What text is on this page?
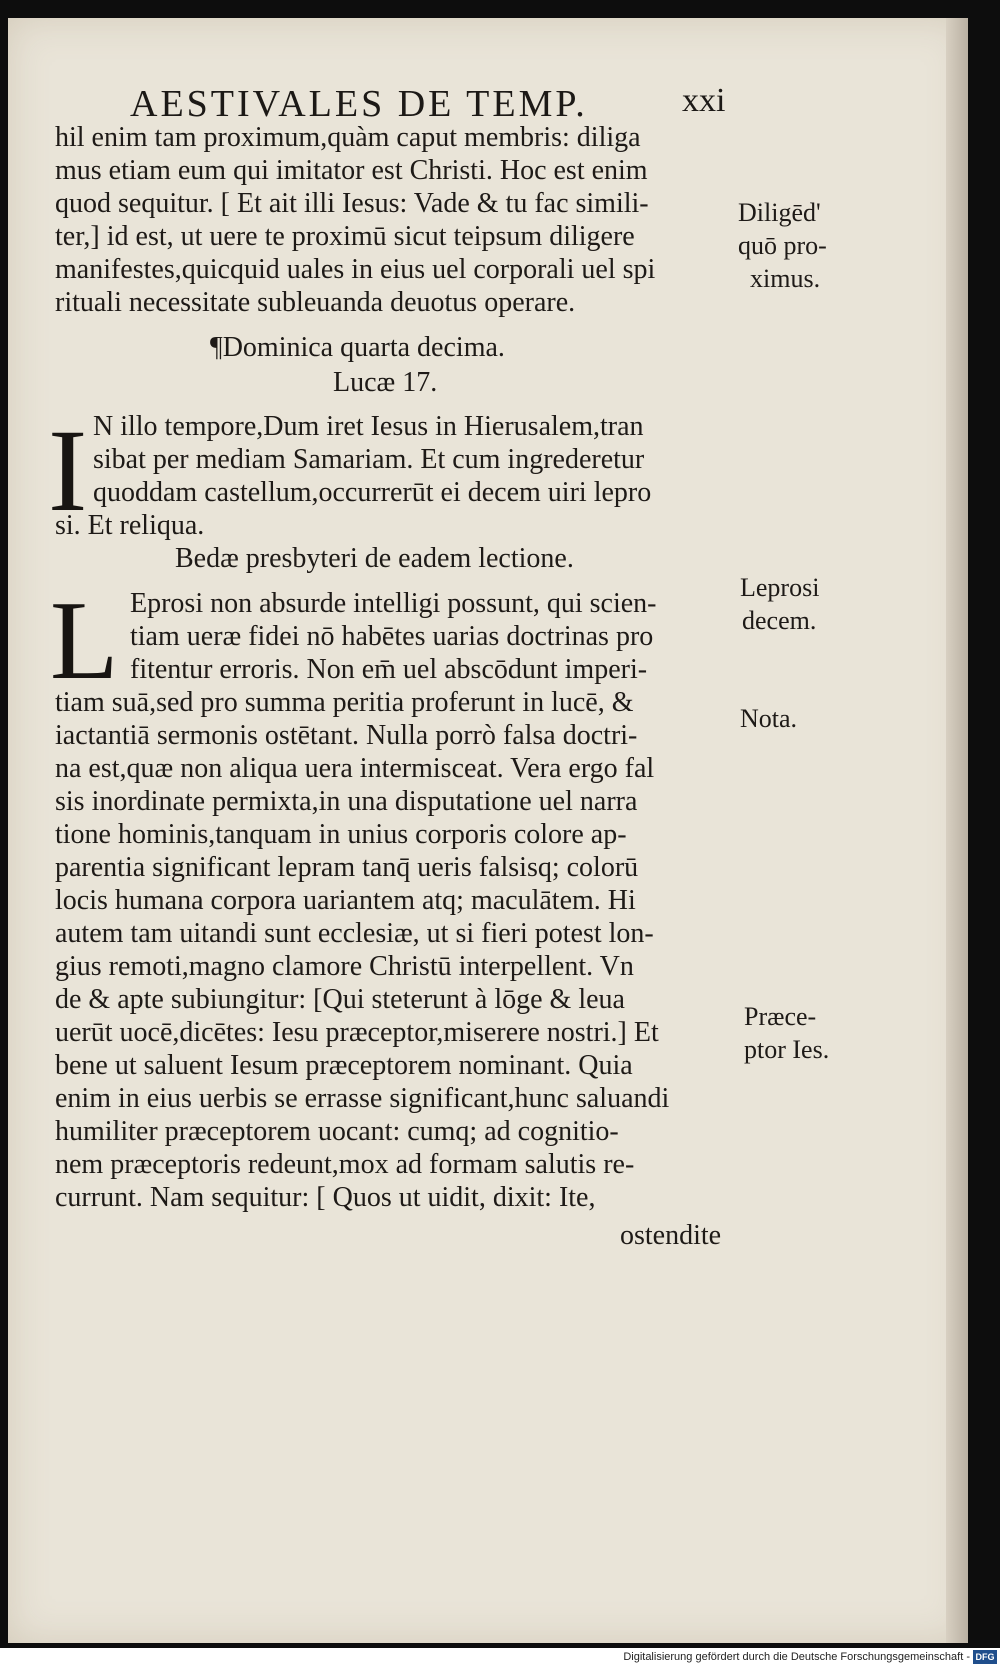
AESTIVALES DE TEMP.	xxi
hil enim tam proximum,quàm caput membris: diliga
mus etiam eum qui imitator est Christi. Hoc est enim
quod sequitur. [ Et ait illi Iesus: Vade & tu fac simili-
ter,] id est, ut uere te proximū sicut teipsum diligere
manifestes,quicquid uales in eius uel corporali uel spi
rituali necessitate subleuanda deuotus operare.
¶Dominica quarta decima.
Lucæ 17.
I N illo tempore,Dum iret Iesus in Hierusalem,tran
sibat per mediam Samariam. Et cum ingrederetur
quoddam castellum,occurrerūt ei decem uiri lepro
si. Et reliqua.
Bedæ presbyteri de eadem lectione.
L Eprosi non absurde intelligi possunt, qui scien-
tiam ueræ fidei nō habētes uarias doctrinas pro
fitentur erroris. Non em̄ uel abscōdunt imperi-
tiam suā,sed pro summa peritia proferunt in lucē, &
iactantiā sermonis ostētant. Nulla porrò falsa doctri-
na est,quæ non aliqua uera intermisceat. Vera ergo fal
sis inordinate permixta,in una disputatione uel narra
tione hominis,tanquam in unius corporis colore ap-
parentia significant lepram tanq̄ ueris falsisq; colorū
locis humana corpora uariantem atq; maculātem. Hi
autem tam uitandi sunt ecclesiæ, ut si fieri potest lon-
gius remoti,magno clamore Christū interpellent. Vn
de & apte subiungitur: [Qui steterunt à lōge & leua
uerūt uocē,dicētes: Iesu præceptor,miserere nostri.] Et
bene ut saluent Iesum præceptorem nominant. Quia
enim in eius uerbis se errasse significant,hunc saluandi
humiliter præceptorem uocant: cumq; ad cognitio-
nem præceptoris redeunt,mox ad formam salutis re-
currunt. Nam sequitur: [ Quos ut uidit, dixit: Ite,
ostendite
Diligēd'
quō pro-
ximus.
Leprosi
decem.
Nota.
Præce-
ptor Ies.
Digitalisierung gefördert durch die Deutsche Forschungsgemeinschaft - DFG
